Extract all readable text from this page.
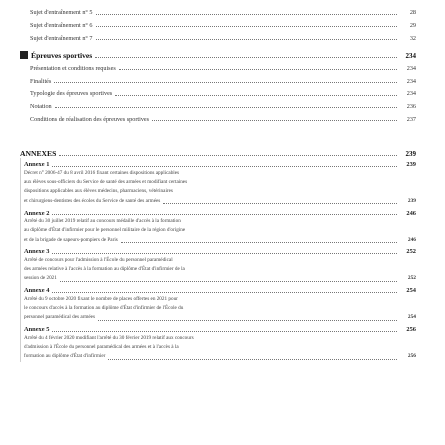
Sujet d'entraînement n° 5	28
Sujet d'entraînement n° 6	29
Sujet d'entraînement n° 7	32
Épreuves sportives	234
Présentation et conditions requises	234
Finalités	234
Typologie des épreuves sportives	234
Notation	236
Conditions de réalisation des épreuves sportives	237
ANNEXES	239
Annexe 1	239
Décret n° 2006-47 du 8 avril 2016 fixant certaines dispositions applicables
aux élèves sous-officiers du Service de santé des armées et modifiant certaines
dispositions applicables aux élèves médecins, pharmaciens, vétérinaires
et chirurgiens-dentistes des écoles du Service de santé des armées	239
Annexe 2	246
Arrêté du 30 juillet 2019 relatif au concours médaille d'accès à la formation
au diplôme d'État d'infirmier pour le personnel militaire de la région d'origine
et de la brigade de sapeurs-pompiers de Paris	246
Annexe 3	252
Arrêté de concours pour l'admission à l'École du personnel paramédical
des armées relative à l'accès à la formation au diplôme d'État d'infirmier de la
session de 2021	252
Annexe 4	254
Arrêté du 9 octobre 2020 fixant le nombre de places offertes en 2021 pour
le concours d'accès à la formation au diplôme d'État d'infirmier de l'École du
personnel paramédical des armées	254
Annexe 5	256
Arrêté du 4 février 2020 modifiant l'arrêté du 30 février 2019 relatif aux concours
d'admission à l'École du personnel paramédical des armées et à l'accès à la
formation au diplôme d'État d'infirmier	256
